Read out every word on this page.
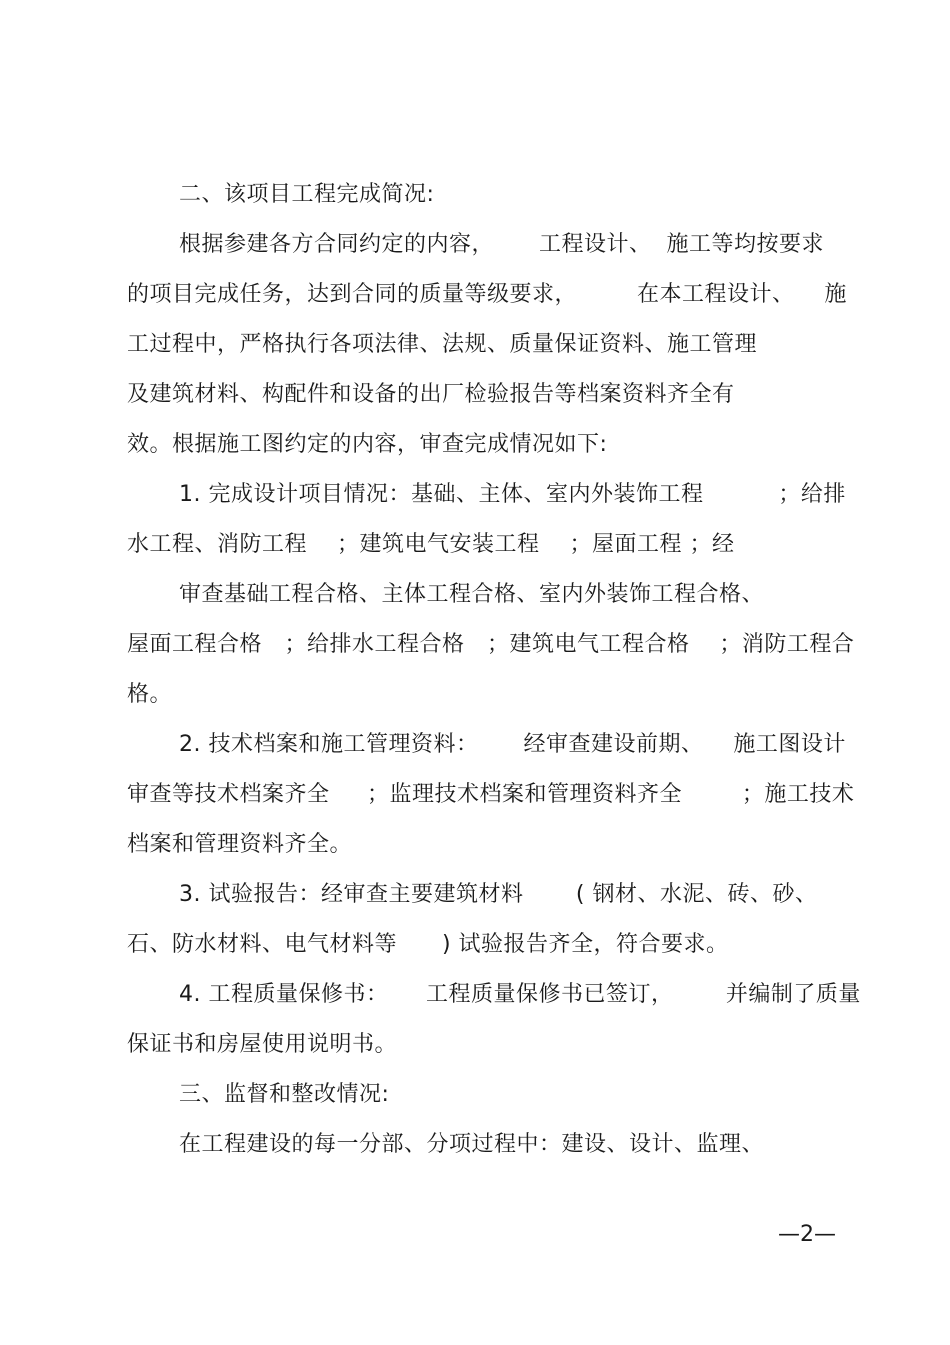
二、该项目工程完成简况:
根据参建各方合同约定的内容，      工程设计、  施工等均按要求
的项目完成任务，达到合同的质量等级要求，        在本工程设计、    施
工过程中，严格执行各项法律、法规、质量保证资料、施工管理
及建筑材料、构配件和设备的出厂检验报告等档案资料齐全有
效。根据施工图约定的内容，审查完成情况如下:
1. 完成设计项目情况：基础、主体、室内外装饰工程          ；给排
水工程、消防工程    ；建筑电气安装工程    ；屋面工程 ；经
审查基础工程合格、主体工程合格、室内外装饰工程合格、
屋面工程合格   ；给排水工程合格   ；建筑电气工程合格    ；消防工程合
格。
2. 技术档案和施工管理资料：      经审查建设前期、    施工图设计
审查等技术档案齐全     ；监理技术档案和管理资料齐全        ；施工技术
档案和管理资料齐全。
3. 试验报告：经审查主要建筑材料       ( 钢材、水泥、砖、砂、
石、防水材料、电气材料等      ) 试验报告齐全，符合要求。
4. 工程质量保修书：     工程质量保修书已签订，       并编制了质量
保证书和房屋使用说明书。
三、监督和整改情况:
在工程建设的每一分部、分项过程中：建设、设计、监理、
—2—
